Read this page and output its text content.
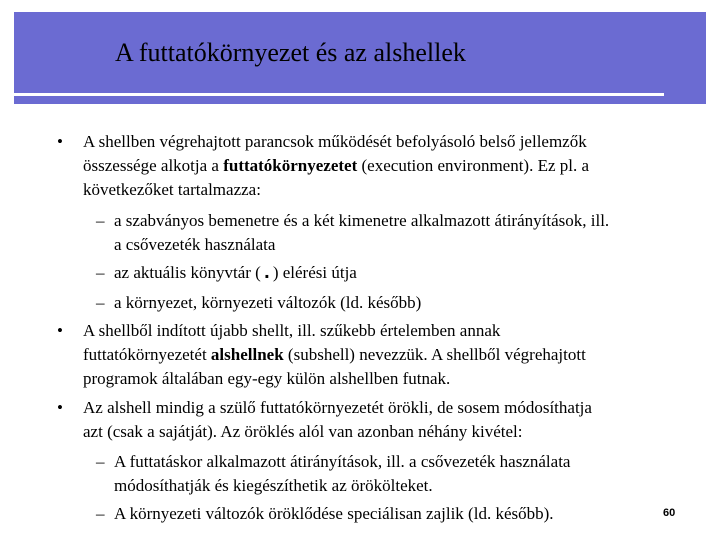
A futtatókörnyezet és az alshellek
• A shellben végrehajtott parancsok működését befolyásoló belső jellemzők
összessége alkotja a futtatókörnyezetet (execution environment). Ez pl. a
következőket tartalmazza:
– a szabványos bemenetre és a két kimenetre alkalmazott átirányítások, ill.
a csővezeték használata
– az aktuális könyvtár (.) elérési útja
– a környezet, környezeti változók (ld. később)
• A shellből indított újabb shellt, ill. szűkebb értelemben annak
futtatókörnyezetét alshellnek (subshell) nevezzük. A shellből végrehajtott
programok általában egy-egy külön alshellben futnak.
• Az alshell mindig a szülő futtatókörnyezetét örökli, de sosem módosíthatja
azt (csak a sajátját). Az öröklés alól van azonban néhány kivétel:
– A futtatáskor alkalmazott átirányítások, ill. a csővezeték használata
módosíthatják és kiegészíthetik az örökölteket.
– A környezeti változók öröklődése speciálisan zajlik (ld. később).	60
